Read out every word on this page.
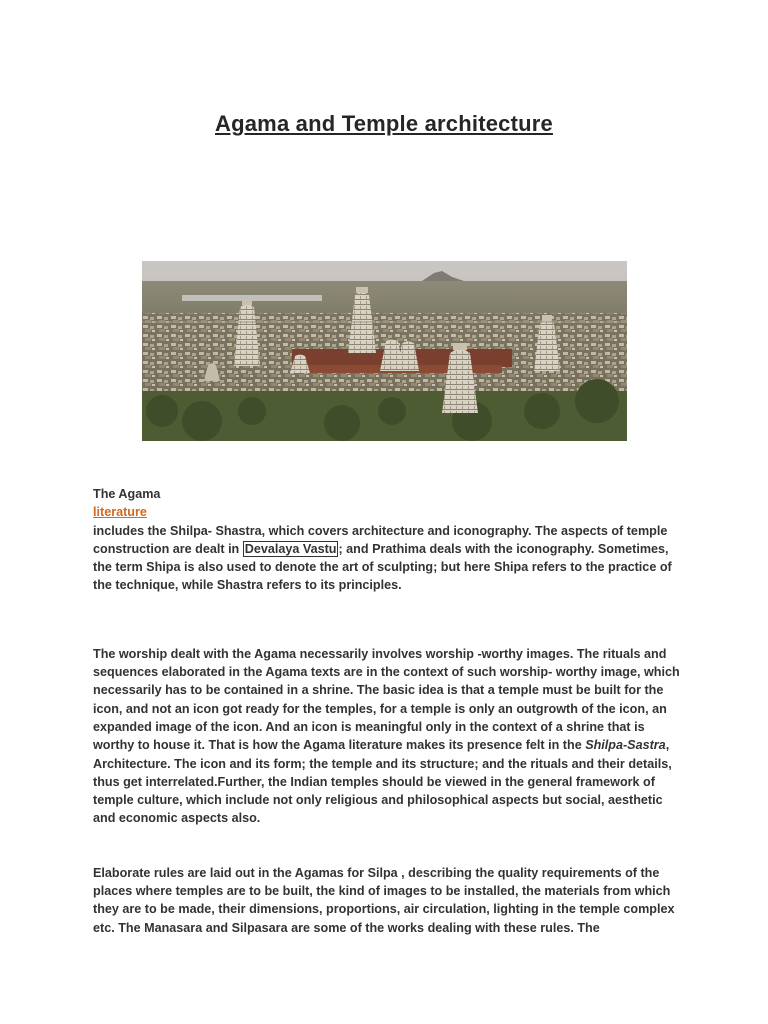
Agama and Temple architecture

The Agama

literature
includes the Shilpa- Shastra, which covers architecture and iconography. The aspects of temple construction are dealt in Devalaya Vastu ; and Prathima deals with the iconography. Sometimes, the term Shipa is also used to denote the art of sculpting; but here Shipa refers to the practice of the technique, while Shastra refers to its principles.

The worship dealt with the Agama necessarily involves worship -worthy images. The rituals and sequences elaborated in the Agama texts are in the context of such worship- worthy image, which necessarily has to be contained in a shrine. The basic idea is that a temple must be built for the icon, and not an icon got ready for the temples, for a temple is only an outgrowth of the icon, an expanded image of the icon. And an icon is meaningful only in the context of a shrine that is worthy to house it. That is how the Agama literature makes its presence felt in the Shilpa-Sastra, Architecture. The icon and its form; the temple and its structure; and the rituals and their details, thus get interrelated.Further, the Indian temples should be viewed in the general framework of temple culture, which include not only religious and philosophical aspects but social, aesthetic and economic aspects also.

Elaborate rules are laid out in the Agamas for Silpa , describing the quality requirements of the places where temples are to be built, the kind of images to be installed, the materials from which they are to be made, their dimensions, proportions, air circulation, lighting in the temple complex etc. The Manasara and Silpasara are some of the works dealing with these rules. The
